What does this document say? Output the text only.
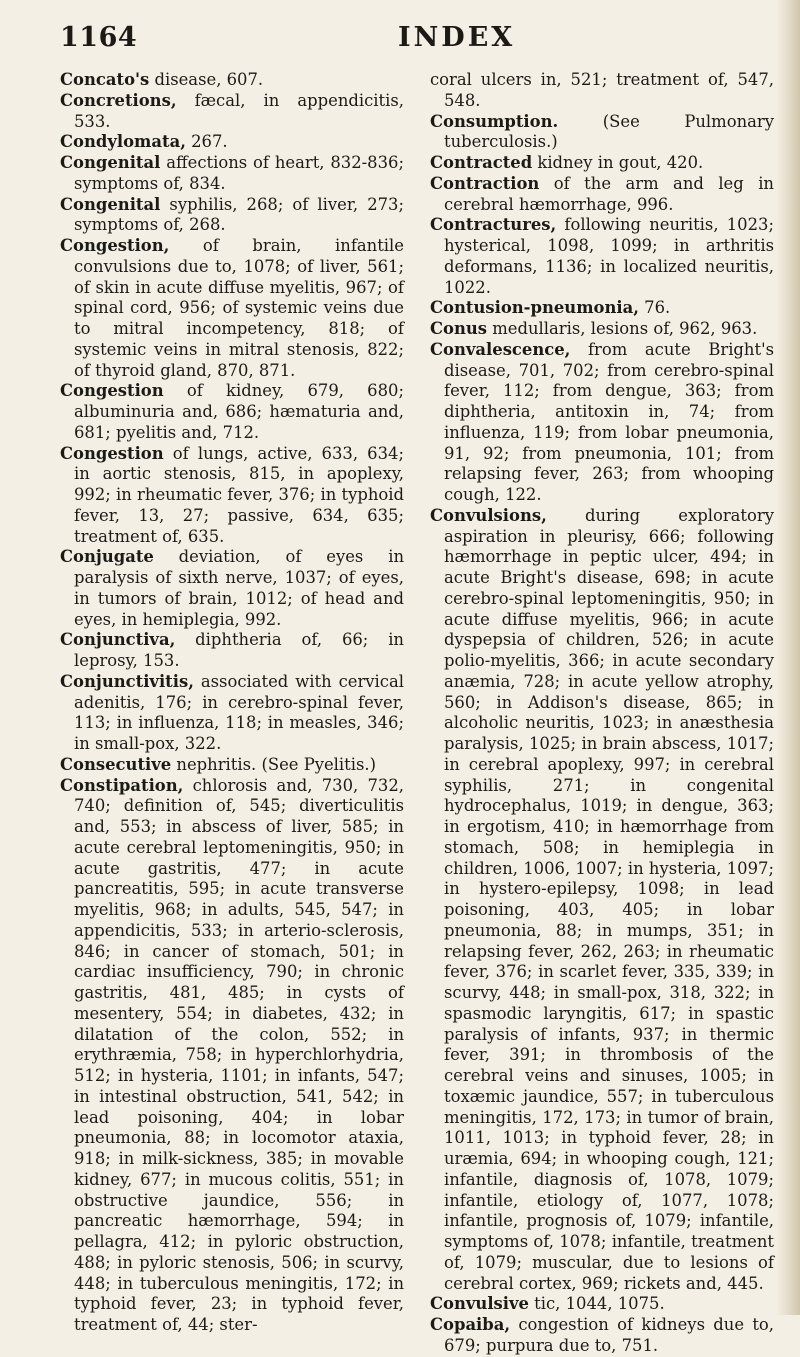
1164	INDEX

Concato's disease, 607.

Concretions, fæcal, in appendicitis, 533.

Condylomata, 267.

Congenital affections of heart, 832-836; symptoms of, 834.

Congenital syphilis, 268; of liver, 273; symptoms of, 268.

Congestion, of brain, infantile convulsions due to, 1078; of liver, 561; of skin in acute diffuse myelitis, 967; of spinal cord, 956; of systemic veins due to mitral incompetency, 818; of systemic veins in mitral stenosis, 822; of thyroid gland, 870, 871.

Congestion of kidney, 679, 680; albuminuria and, 686; hæmaturia and, 681; pyelitis and, 712.

Congestion of lungs, active, 633, 634; in aortic stenosis, 815, in apoplexy, 992; in rheumatic fever, 376; in typhoid fever, 13, 27; passive, 634, 635; treatment of, 635.

Conjugate deviation, of eyes in paralysis of sixth nerve, 1037; of eyes, in tumors of brain, 1012; of head and eyes, in hemiplegia, 992.

Conjunctiva, diphtheria of, 66; in leprosy, 153.

Conjunctivitis, associated with cervical adenitis, 176; in cerebro-spinal fever, 113; in influenza, 118; in measles, 346; in small-pox, 322.

Consecutive nephritis. (See Pyelitis.)

Constipation, chlorosis and, 730, 732, 740; definition of, 545; diverticulitis and, 553; in abscess of liver, 585; in acute cerebral leptomeningitis, 950; in acute gastritis, 477; in acute pancreatitis, 595; in acute transverse myelitis, 968; in adults, 545, 547; in appendicitis, 533; in arterio-sclerosis, 846; in cancer of stomach, 501; in cardiac insufficiency, 790; in chronic gastritis, 481, 485; in cysts of mesentery, 554; in diabetes, 432; in dilatation of the colon, 552; in erythræmia, 758; in hyperchlorhydria, 512; in hysteria, 1101; in infants, 547; in intestinal obstruction, 541, 542; in lead poisoning, 404; in lobar pneumonia, 88; in locomotor ataxia, 918; in milk-sickness, 385; in movable kidney, 677; in mucous colitis, 551; in obstructive jaundice, 556; in pancreatic hæmorrhage, 594; in pellagra, 412; in pyloric obstruction, 488; in pyloric stenosis, 506; in scurvy, 448; in tuberculous meningitis, 172; in typhoid fever, 23; in typhoid fever, treatment of, 44; ster-

coral ulcers in, 521; treatment of, 547, 548.

Consumption. (See Pulmonary tuberculosis.)

Contracted kidney in gout, 420.

Contraction of the arm and leg in cerebral hæmorrhage, 996.

Contractures, following neuritis, 1023; hysterical, 1098, 1099; in arthritis deformans, 1136; in localized neuritis, 1022.

Contusion-pneumonia, 76.

Conus medullaris, lesions of, 962, 963.

Convalescence, from acute Bright's disease, 701, 702; from cerebro-spinal fever, 112; from dengue, 363; from diphtheria, antitoxin in, 74; from influenza, 119; from lobar pneumonia, 91, 92; from pneumonia, 101; from relapsing fever, 263; from whooping cough, 122.

Convulsions, during exploratory aspiration in pleurisy, 666; following hæmorrhage in peptic ulcer, 494; in acute Bright's disease, 698; in acute cerebro-spinal leptomeningitis, 950; in acute diffuse myelitis, 966; in acute dyspepsia of children, 526; in acute polio-myelitis, 366; in acute secondary anæmia, 728; in acute yellow atrophy, 560; in Addison's disease, 865; in alcoholic neuritis, 1023; in anæsthesia paralysis, 1025; in brain abscess, 1017; in cerebral apoplexy, 997; in cerebral syphilis, 271; in congenital hydrocephalus, 1019; in dengue, 363; in ergotism, 410; in hæmorrhage from stomach, 508; in hemiplegia in children, 1006, 1007; in hysteria, 1097; in hystero-epilepsy, 1098; in lead poisoning, 403, 405; in lobar pneumonia, 88; in mumps, 351; in relapsing fever, 262, 263; in rheumatic fever, 376; in scarlet fever, 335, 339; in scurvy, 448; in small-pox, 318, 322; in spasmodic laryngitis, 617; in spastic paralysis of infants, 937; in thermic fever, 391; in thrombosis of the cerebral veins and sinuses, 1005; in toxæmic jaundice, 557; in tuberculous meningitis, 172, 173; in tumor of brain, 1011, 1013; in typhoid fever, 28; in uræmia, 694; in whooping cough, 121; infantile, diagnosis of, 1078, 1079; infantile, etiology of, 1077, 1078; infantile, prognosis of, 1079; infantile, symptoms of, 1078; infantile, treatment of, 1079; muscular, due to lesions of cerebral cortex, 969; rickets and, 445.

Convulsive tic, 1044, 1075.

Copaiba, congestion of kidneys due to, 679; purpura due to, 751.
